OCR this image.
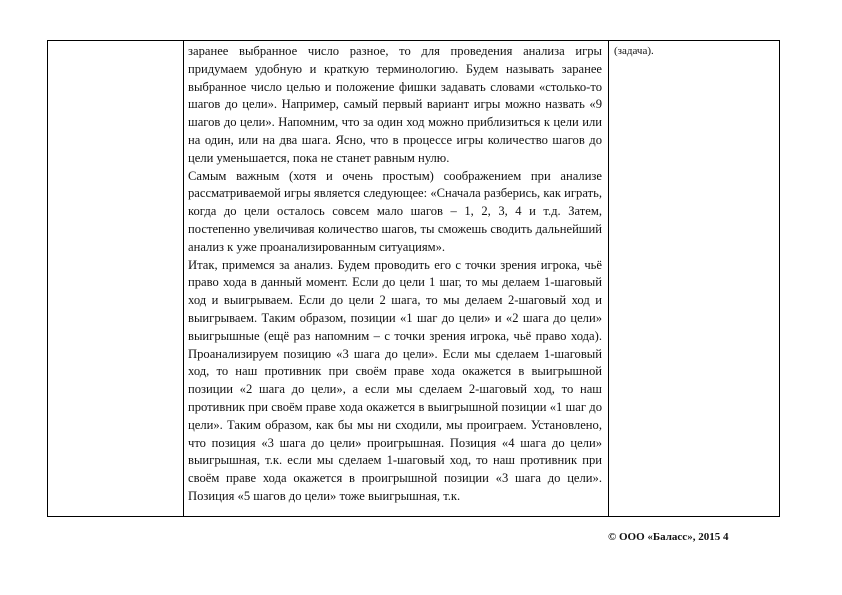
заранее выбранное число разное, то для проведения анализа игры придумаем удобную и краткую терминологию. Будем называть заранее выбранное число целью и положение фишки задавать словами «столько-то шагов до цели». Например, самый первый вариант игры можно назвать «9 шагов до цели». Напомним, что за один ход можно приблизиться к цели или на один, или на два шага. Ясно, что в процессе игры количество шагов до цели уменьшается, пока не станет равным нулю.

Самым важным (хотя и очень простым) соображением при анализе рассматриваемой игры является следующее: «Сначала разберись, как играть, когда до цели осталось совсем мало шагов – 1, 2, 3, 4 и т.д. Затем, постепенно увеличивая количество шагов, ты сможешь сводить дальнейший анализ к уже проанализированным ситуациям».

Итак, примемся за анализ. Будем проводить его с точки зрения игрока, чьё право хода в данный момент. Если до цели 1 шаг, то мы делаем 1-шаговый ход и выигрываем. Если до цели 2 шага, то мы делаем 2-шаговый ход и выигрываем. Таким образом, позиции «1 шаг до цели» и «2 шага до цели» выигрышные (ещё раз напомним – с точки зрения игрока, чьё право хода). Проанализируем позицию «3 шага до цели». Если мы сделаем 1-шаговый ход, то наш противник при своём праве хода окажется в выигрышной позиции «2 шага до цели», а если мы сделаем 2-шаговый ход, то наш противник при своём праве хода окажется в выигрышной позиции «1 шаг до цели». Таким образом, как бы мы ни сходили, мы проиграем. Установлено, что позиция «3 шага до цели» проигрышная. Позиция «4 шага до цели» выигрышная, т.к. если мы сделаем 1-шаговый ход, то наш противник при своём праве хода окажется в проигрышной позиции «3 шага до цели». Позиция «5 шагов до цели» тоже выигрышная, т.к.

(задача).
© ООО «Баласс», 2015 4
